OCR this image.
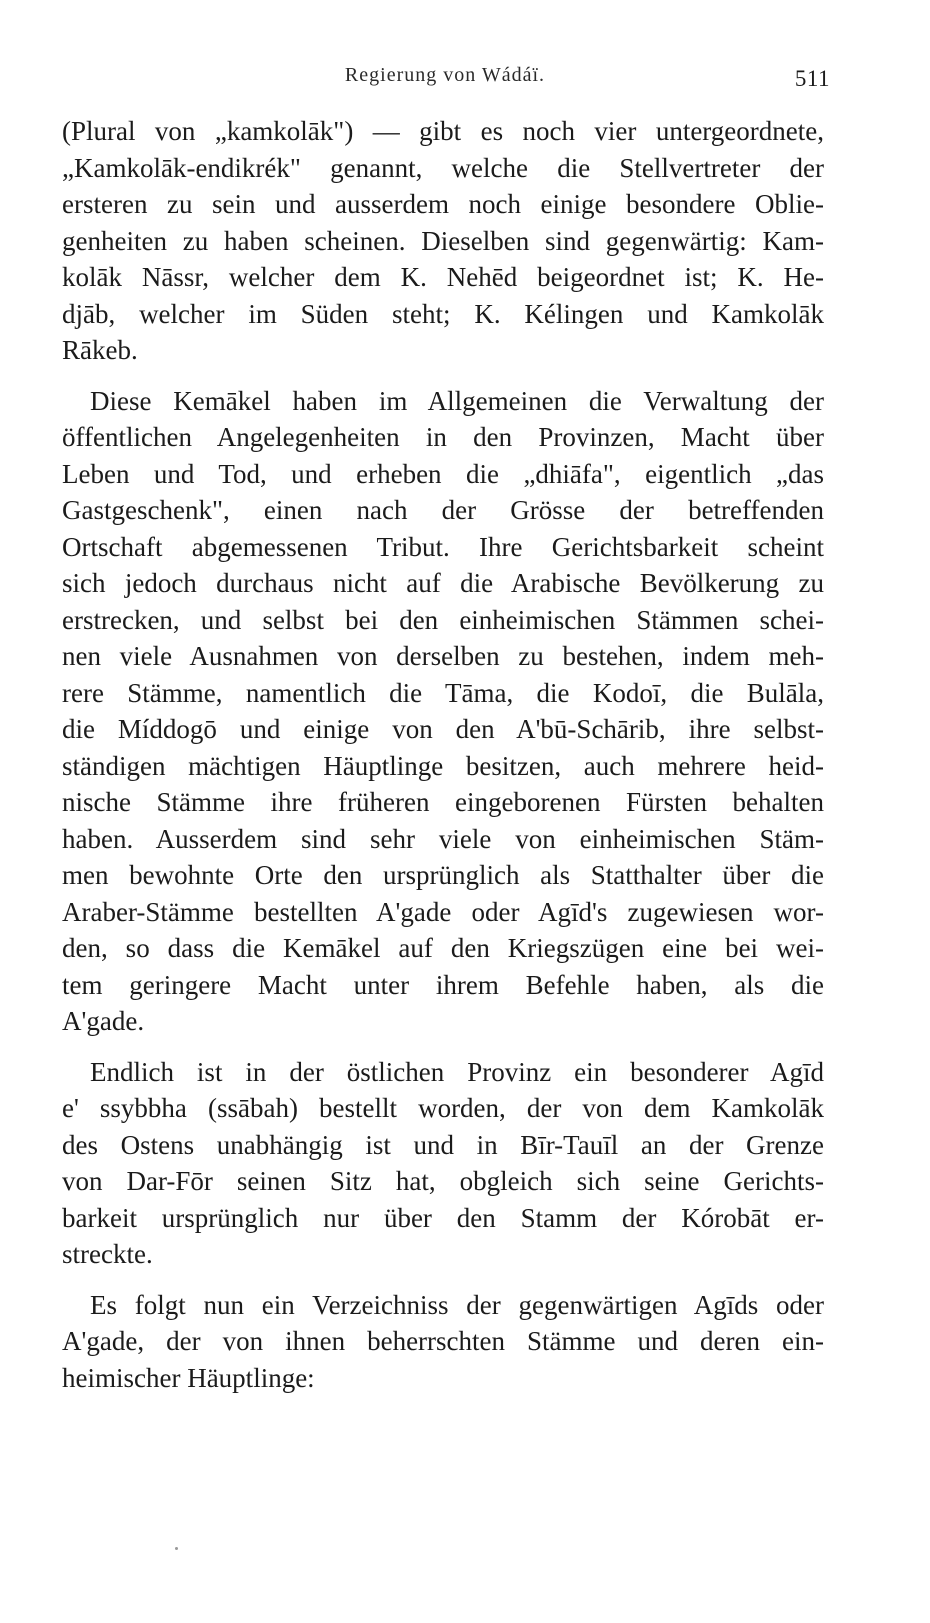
Regierung von Wádáï.	511
(Plural von „kamkolāk") — gibt es noch vier untergeordnete,
„Kamkolāk-endikrék" genannt, welche die Stellvertreter der
ersteren zu sein und ausserdem noch einige besondere Oblie-
genheiten zu haben scheinen. Dieselben sind gegenwärtig: Kam-
kolāk Nāssr, welcher dem K. Nehēd beigeordnet ist; K. He-
djāb, welcher im Süden steht; K. Kélingen und Kamkolāk
Rākeb.
Diese Kemākel haben im Allgemeinen die Verwaltung der
öffentlichen Angelegenheiten in den Provinzen, Macht über
Leben und Tod, und erheben die „dhiāfa", eigentlich „das
Gastgeschenk", einen nach der Grösse der betreffenden
Ortschaft abgemessenen Tribut. Ihre Gerichtsbarkeit scheint
sich jedoch durchaus nicht auf die Arabische Bevölkerung zu
erstrecken, und selbst bei den einheimischen Stämmen schei-
nen viele Ausnahmen von derselben zu bestehen, indem meh-
rere Stämme, namentlich die Tāma, die Kodoī, die Bulāla,
die Míddogō und einige von den A'bū-Schārib, ihre selbst-
ständigen mächtigen Häuptlinge besitzen, auch mehrere heid-
nische Stämme ihre früheren eingeborenen Fürsten behalten
haben. Ausserdem sind sehr viele von einheimischen Stäm-
men bewohnte Orte den ursprünglich als Statthalter über die
Araber-Stämme bestellten A'gade oder Agīd's zugewiesen wor-
den, so dass die Kemākel auf den Kriegszügen eine bei wei-
tem geringere Macht unter ihrem Befehle haben, als die
A'gade.
Endlich ist in der östlichen Provinz ein besonderer Agīd
e' ssybbha (ssābah) bestellt worden, der von dem Kamkolāk
des Ostens unabhängig ist und in Bīr-Tauīl an der Grenze
von Dar-Fōr seinen Sitz hat, obgleich sich seine Gerichts-
barkeit ursprünglich nur über den Stamm der Kórobāt er-
streckte.
Es folgt nun ein Verzeichniss der gegenwärtigen Agīds oder
A'gade, der von ihnen beherrschten Stämme und deren ein-
heimischer Häuptlinge:
